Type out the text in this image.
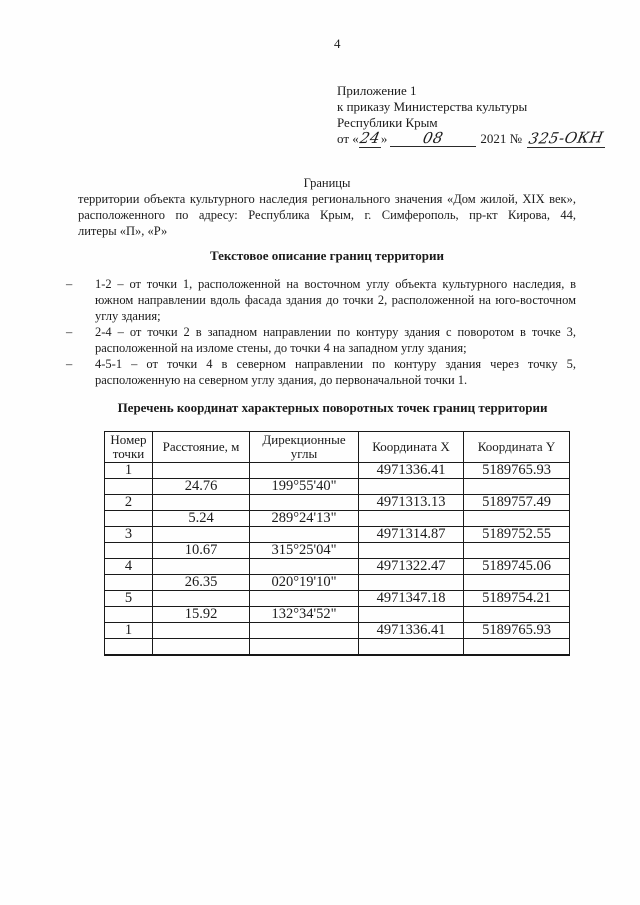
4
Приложение 1
к приказу Министерства культуры
Республики Крым
от «24» 08	2021 № 325-ОКН
Границы
территории объекта культурного наследия регионального значения «Дом жилой, XIX век»,
расположенного по адресу: Республика Крым, г. Симферополь, пр-кт Кирова, 44,
литеры «П», «Р»
Текстовое описание границ территории
– 1-2 – от точки 1, расположенной на восточном углу объекта культурного наследия, в
южном направлении вдоль фасада здания до точки 2, расположенной на юго-восточном
углу здания;
– 2-4 – от точки 2 в западном направлении по контуру здания с поворотом в точке 3,
расположенной на изломе стены, до точки 4 на западном углу здания;
– 4-5-1 – от точки 4 в северном направлении по контуру здания через точку 5,
расположенную на северном углу здания, до первоначальной точки 1.
Перечень координат характерных поворотных точек границ территории
Номер точки	Расстояние, м	Дирекционные углы	Координата X	Координата Y
1			4971336.41	5189765.93
	24.76	199°55'40"		
2			4971313.13	5189757.49
	5.24	289°24'13"		
3			4971314.87	5189752.55
	10.67	315°25'04"		
4			4971322.47	5189745.06
	26.35	020°19'10"		
5			4971347.18	5189754.21
	15.92	132°34'52"		
1			4971336.41	5189765.93
